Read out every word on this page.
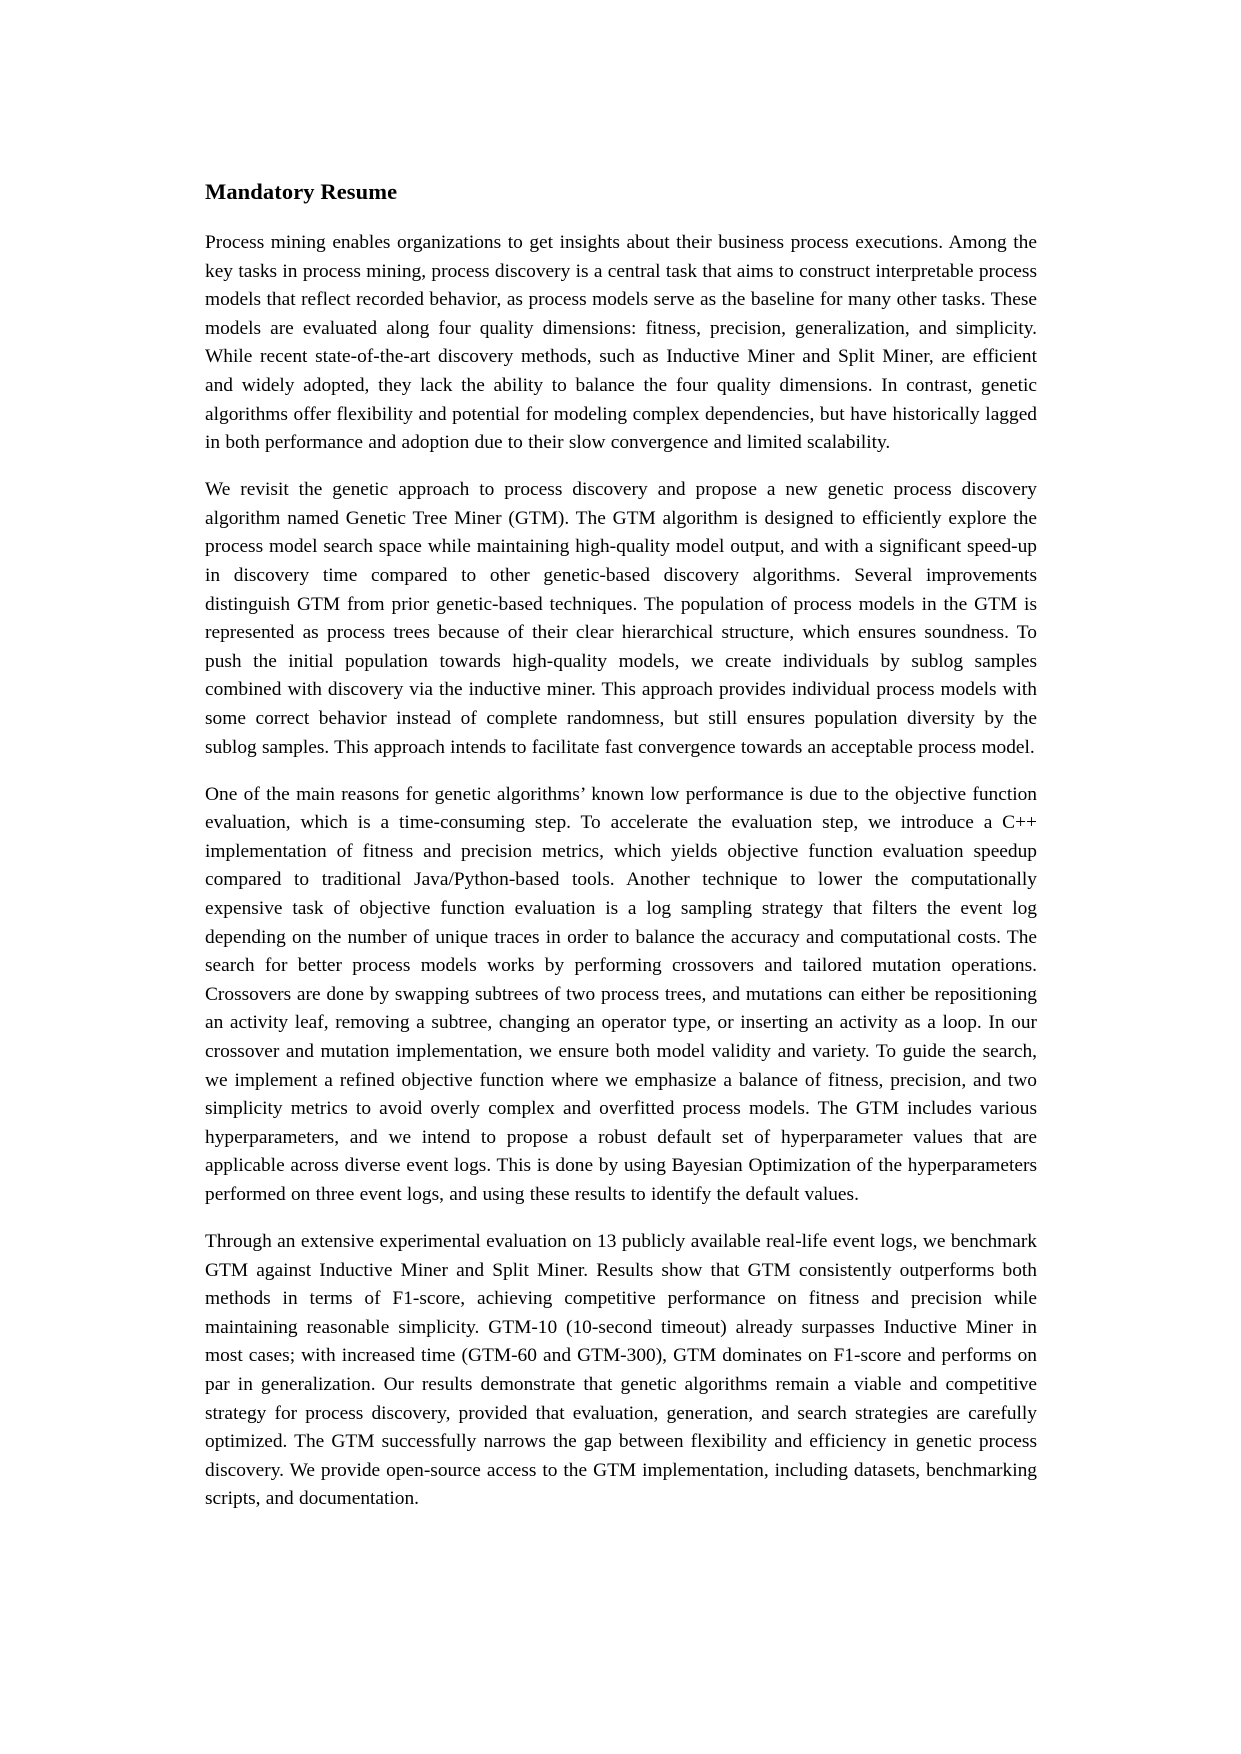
Mandatory Resume

Process mining enables organizations to get insights about their business process executions. Among the key tasks in process mining, process discovery is a central task that aims to construct interpretable process models that reflect recorded behavior, as process models serve as the baseline for many other tasks. These models are evaluated along four quality dimensions: fitness, precision, generalization, and simplicity. While recent state-of-the-art discovery methods, such as Inductive Miner and Split Miner, are efficient and widely adopted, they lack the ability to balance the four quality dimensions. In contrast, genetic algorithms offer flexibility and potential for modeling complex dependencies, but have historically lagged in both performance and adoption due to their slow convergence and limited scalability.

We revisit the genetic approach to process discovery and propose a new genetic process discovery algorithm named Genetic Tree Miner (GTM). The GTM algorithm is designed to efficiently explore the process model search space while maintaining high-quality model output, and with a significant speed-up in discovery time compared to other genetic-based discovery algorithms. Several improvements distinguish GTM from prior genetic-based techniques. The population of process models in the GTM is represented as process trees because of their clear hierarchical structure, which ensures soundness. To push the initial population towards high-quality models, we create individuals by sublog samples combined with discovery via the inductive miner. This approach provides individual process models with some correct behavior instead of complete randomness, but still ensures population diversity by the sublog samples. This approach intends to facilitate fast convergence towards an acceptable process model.

One of the main reasons for genetic algorithms’ known low performance is due to the objective function evaluation, which is a time-consuming step. To accelerate the evaluation step, we introduce a C++ implementation of fitness and precision metrics, which yields objective function evaluation speedup compared to traditional Java/Python-based tools. Another technique to lower the computationally expensive task of objective function evaluation is a log sampling strategy that filters the event log depending on the number of unique traces in order to balance the accuracy and computational costs. The search for better process models works by performing crossovers and tailored mutation operations. Crossovers are done by swapping subtrees of two process trees, and mutations can either be repositioning an activity leaf, removing a subtree, changing an operator type, or inserting an activity as a loop. In our crossover and mutation implementation, we ensure both model validity and variety. To guide the search, we implement a refined objective function where we emphasize a balance of fitness, precision, and two simplicity metrics to avoid overly complex and overfitted process models. The GTM includes various hyperparameters, and we intend to propose a robust default set of hyperparameter values that are applicable across diverse event logs. This is done by using Bayesian Optimization of the hyperparameters performed on three event logs, and using these results to identify the default values.

Through an extensive experimental evaluation on 13 publicly available real-life event logs, we benchmark GTM against Inductive Miner and Split Miner. Results show that GTM consistently outperforms both methods in terms of F1-score, achieving competitive performance on fitness and precision while maintaining reasonable simplicity. GTM-10 (10-second timeout) already surpasses Inductive Miner in most cases; with increased time (GTM-60 and GTM-300), GTM dominates on F1-score and performs on par in generalization. Our results demonstrate that genetic algorithms remain a viable and competitive strategy for process discovery, provided that evaluation, generation, and search strategies are carefully optimized. The GTM successfully narrows the gap between flexibility and efficiency in genetic process discovery. We provide open-source access to the GTM implementation, including datasets, benchmarking scripts, and documentation.
